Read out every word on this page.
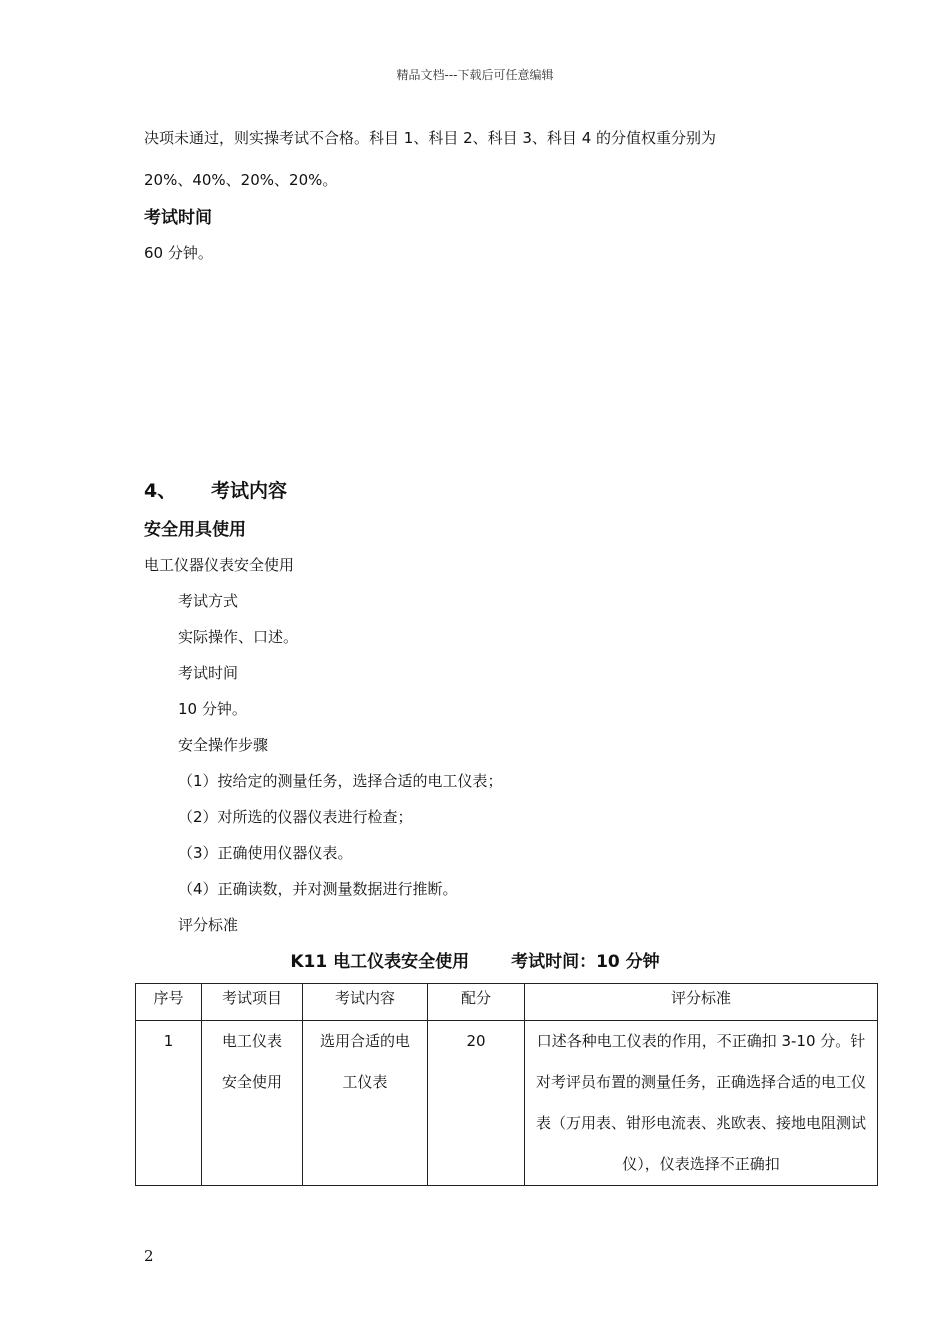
精品文档---下载后可任意编辑
决项未通过，则实操考试不合格。科目 1、科目 2、科目 3、科目 4 的分值权重分别为
20%、40%、20%、20%。
考试时间
60 分钟。
4、 考试内容
安全用具使用
电工仪器仪表安全使用
考试方式
实际操作、口述。
考试时间
10 分钟。
安全操作步骤
（1）按给定的测量任务，选择合适的电工仪表；
（2）对所选的仪器仪表进行检查；
（3）正确使用仪器仪表。
（4）正确读数，并对测量数据进行推断。
评分标准
K11 电工仪表安全使用 考试时间：10 分钟
序号	考试项目	考试内容	配分	评分标准

1	电工仪表安全使用	选用合适的电工仪表	20	口述各种电工仪表的作用，不正确扣 3-10 分。针对考评员布置的测量任务，正确选择合适的电工仪表（万用表、钳形电流表、兆欧表、接地电阻测试仪），仪表选择不正确扣
2
